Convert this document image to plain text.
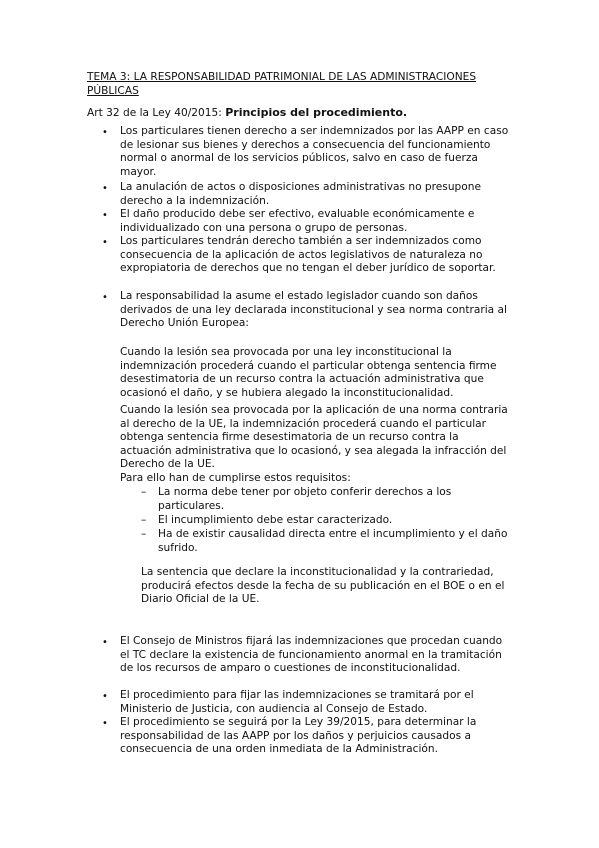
TEMA 3: LA RESPONSABILIDAD PATRIMONIAL DE LAS ADMINISTRACIONES PÚBLICAS

Art 32 de la Ley 40/2015: Principios del procedimiento.

• Los particulares tienen derecho a ser indemnizados por las AAPP en caso de lesionar sus bienes y derechos a consecuencia del funcionamiento normal o anormal de los servicios públicos, salvo en caso de fuerza mayor.

• La anulación de actos o disposiciones administrativas no presupone derecho a la indemnización.

• El daño producido debe ser efectivo, evaluable económicamente e individualizado con una persona o grupo de personas.

• Los particulares tendrán derecho también a ser indemnizados como consecuencia de la aplicación de actos legislativos de naturaleza no expropiatoria de derechos que no tengan el deber jurídico de soportar.

• La responsabilidad la asume el estado legislador cuando son daños derivados de una ley declarada inconstitucional y sea norma contraria al Derecho Unión Europea:

Cuando la lesión sea provocada por una ley inconstitucional la indemnización procederá cuando el particular obtenga sentencia firme desestimatoria de un recurso contra la actuación administrativa que ocasionó el daño, y se hubiera alegado la inconstitucionalidad.

Cuando la lesión sea provocada por la aplicación de una norma contraria al derecho de la UE, la indemnización procederá cuando el particular obtenga sentencia firme desestimatoria de un recurso contra la actuación administrativa que lo ocasionó, y sea alegada la infracción del Derecho de la UE.

Para ello han de cumplirse estos requisitos:

– La norma debe tener por objeto conferir derechos a los particulares.

– El incumplimiento debe estar caracterizado.

– Ha de existir causalidad directa entre el incumplimiento y el daño sufrido.

La sentencia que declare la inconstitucionalidad y la contrariedad, producirá efectos desde la fecha de su publicación en el BOE o en el Diario Oficial de la UE.

• El Consejo de Ministros fijará las indemnizaciones que procedan cuando el TC declare la existencia de funcionamiento anormal en la tramitación de los recursos de amparo o cuestiones de inconstitucionalidad.

• El procedimiento para fijar las indemnizaciones se tramitará por el Ministerio de Justicia, con audiencia al Consejo de Estado.

• El procedimiento se seguirá por la Ley 39/2015, para determinar la responsabilidad de las AAPP por los daños y perjuicios causados a consecuencia de una orden inmediata de la Administración.
